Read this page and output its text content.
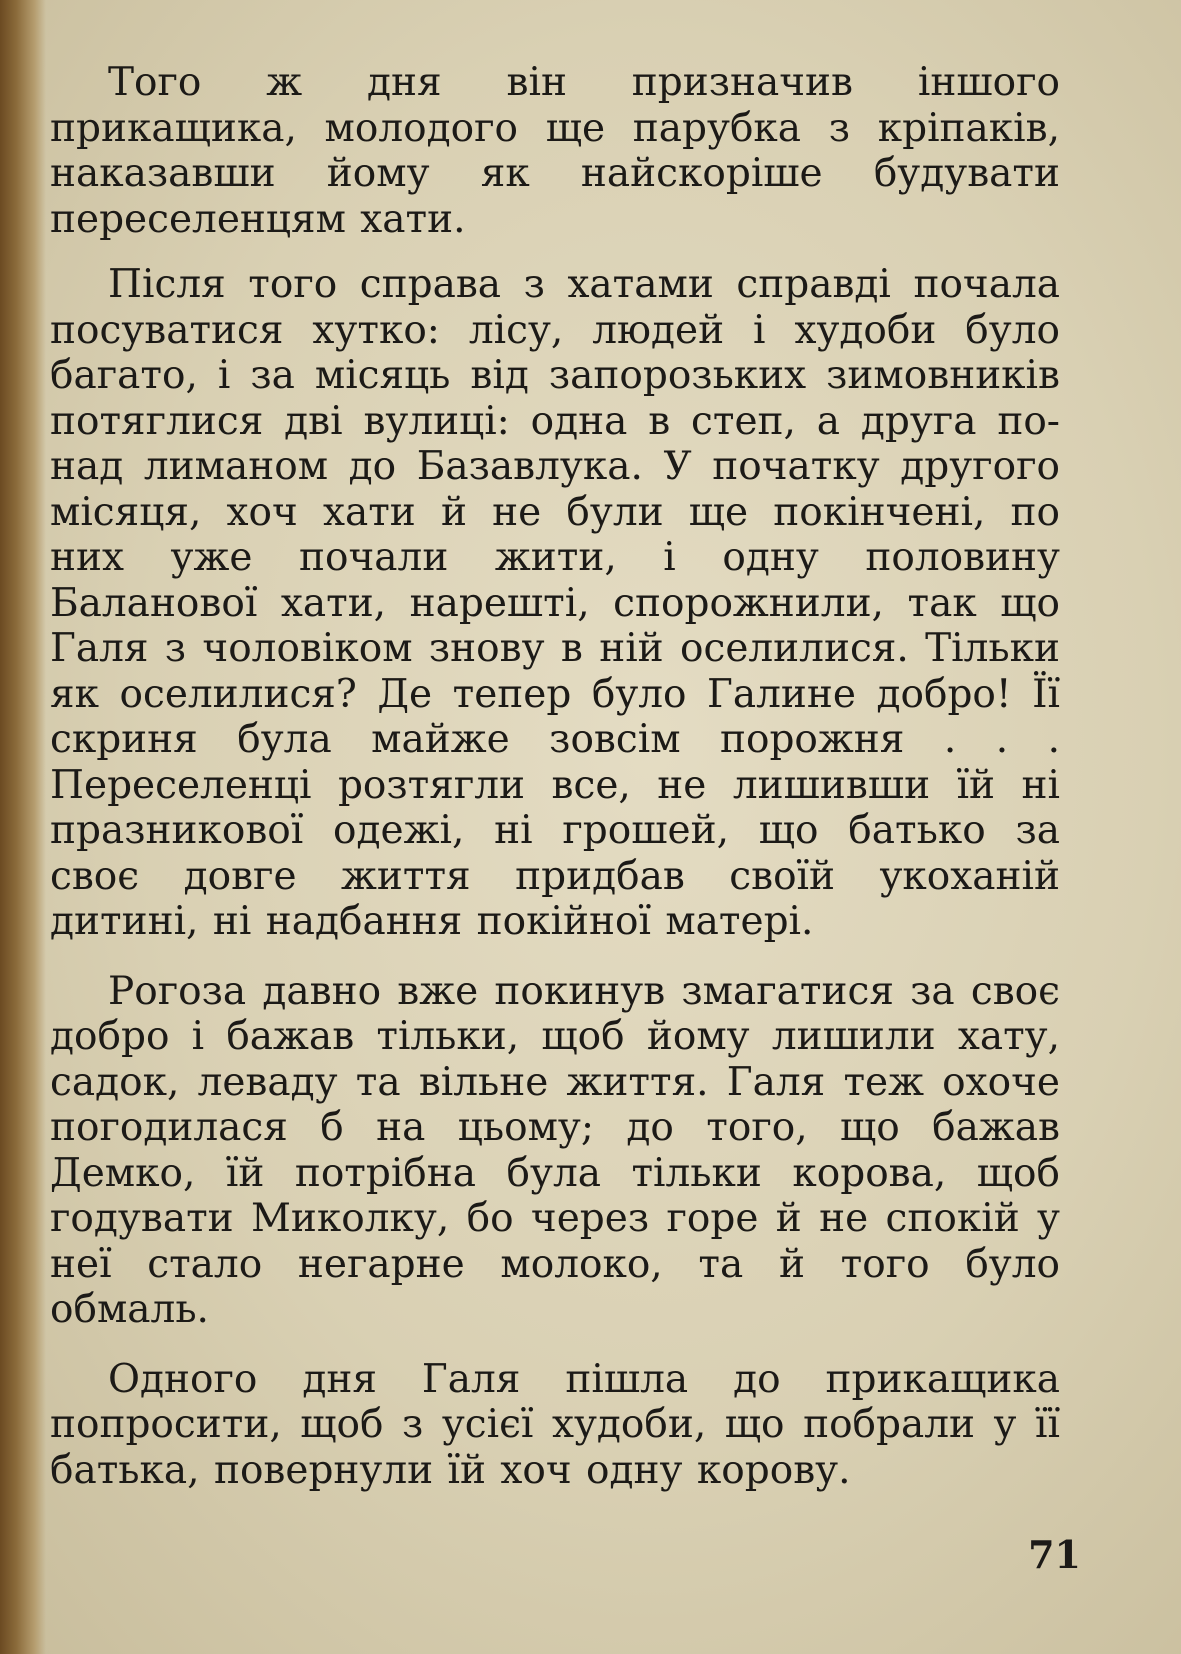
Того ж дня він призначив іншого прикащика, молодого ще парубка з кріпаків, наказавши йому як найскоріше будувати переселенцям хати.

Після того справа з хатами справді почала посуватися хутко: лісу, людей і худоби було багато, і за місяць від запорозьких зимовників потяглися дві вулиці: одна в степ, а друга по-над лиманом до Базавлука. У початку другого місяця, хоч хати й не були ще покінчені, по них уже почали жити, і одну половину Баланової хати, нарешті, спорожнили, так що Галя з чоловіком знову в ній оселилися. Тільки як оселилися? Де тепер було Галине добро! Її скриня була майже зовсім порожня . . . Переселенці розтягли все, не лишивши їй ні празникової одежі, ні грошей, що батько за своє довге життя придбав своїй укоханій дитині, ні надбання покійної матері.

Рогоза давно вже покинув змагатися за своє добро і бажав тільки, щоб йому лишили хату, садок, леваду та вільне життя. Галя теж охоче погодилася б на цьому; до того, що бажав Демко, їй потрібна була тільки корова, щоб годувати Миколку, бо через горе й не спокій у неї стало негарне молоко, та й того було обмаль.

Одного дня Галя пішла до прикащика попросити, щоб з усієї худоби, що побрали у її батька, повернули їй хоч одну корову.

71
